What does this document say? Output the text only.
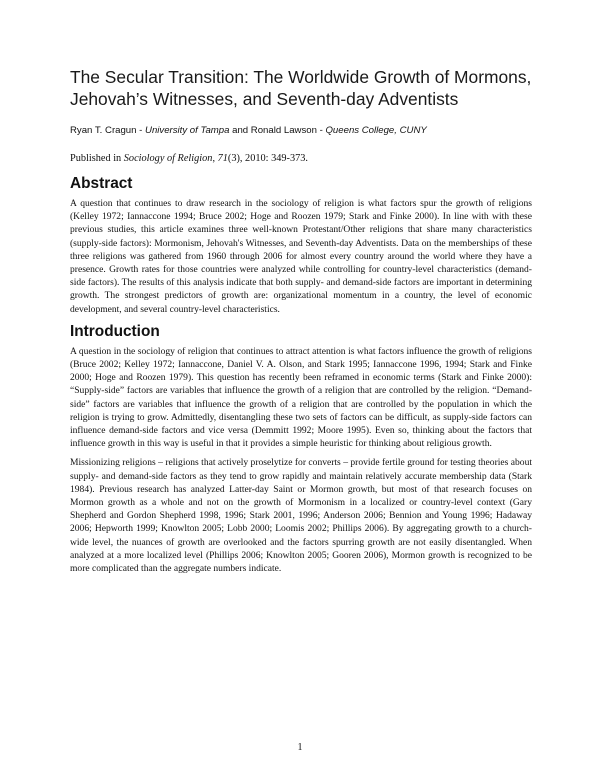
The Secular Transition: The Worldwide Growth of Mormons,
Jehovah’s Witnesses, and Seventh-day Adventists
Ryan T. Cragun - University of Tampa and Ronald Lawson - Queens College, CUNY
Published in Sociology of Religion, 71(3), 2010: 349-373.
Abstract

A question that continues to draw research in the sociology of religion is what factors spur the growth of religions (Kelley 1972; Iannaccone 1994; Bruce 2002; Hoge and Roozen 1979; Stark and Finke 2000). In line with with these previous studies, this article examines three well-known Protestant/Other religions that share many characteristics (supply-side factors): Mormonism, Jehovah's Witnesses, and Seventh-day Adventists. Data on the memberships of these three religions was gathered from 1960 through 2006 for almost every country around the world where they have a presence. Growth rates for those countries were analyzed while controlling for country-level characteristics (demand-side factors). The results of this analysis indicate that both supply- and demand-side factors are important in determining growth. The strongest predictors of growth are: organizational momentum in a country, the level of economic development, and several country-level characteristics.

Introduction

A question in the sociology of religion that continues to attract attention is what factors influence the growth of religions (Bruce 2002; Kelley 1972; Iannaccone, Daniel V. A. Olson, and Stark 1995; Iannaccone 1996, 1994; Stark and Finke 2000; Hoge and Roozen 1979). This question has recently been reframed in economic terms (Stark and Finke 2000): “Supply-side” factors are variables that influence the growth of a religion that are controlled by the religion. “Demand-side” factors are variables that influence the growth of a religion that are controlled by the population in which the religion is trying to grow. Admittedly, disentangling these two sets of factors can be difficult, as supply-side factors can influence demand-side factors and vice versa (Demmitt 1992; Moore 1995). Even so, thinking about the factors that influence growth in this way is useful in that it provides a simple heuristic for thinking about religious growth.

Missionizing religions – religions that actively proselytize for converts – provide fertile ground for testing theories about supply- and demand-side factors as they tend to grow rapidly and maintain relatively accurate membership data (Stark 1984). Previous research has analyzed Latter-day Saint or Mormon growth, but most of that research focuses on Mormon growth as a whole and not on the growth of Mormonism in a localized or country-level context (Gary Shepherd and Gordon Shepherd 1998, 1996; Stark 2001, 1996; Anderson 2006; Bennion and Young 1996; Hadaway 2006; Hepworth 1999; Knowlton 2005; Lobb 2000; Loomis 2002; Phillips 2006). By aggregating growth to a church-wide level, the nuances of growth are overlooked and the factors spurring growth are not easily disentangled. When analyzed at a more localized level (Phillips 2006; Knowlton 2005; Gooren 2006), Mormon growth is recognized to be more complicated than the aggregate numbers indicate.

1
